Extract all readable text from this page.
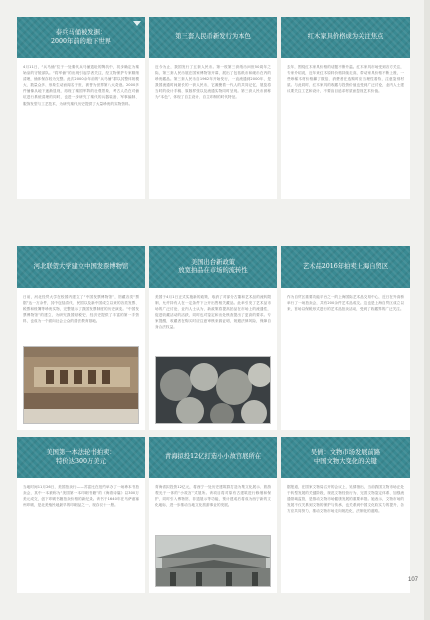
泰兵马俑被发掘：
2000年前的地下世界
4月11日，“兵马俑”位于一处秦代兵马俑遗址的陶坑中，初步确定为秦始皇的守陵部队。“将军俑”的出现引起学者关注，经文物保护专家精细清理，俑体保存较为完整。此次2000余年前的“兵马俑”群以其整体规模大、数量众多、形象生动而闻名于世，被誉为世界第八大奇迹。2000多件俑像从地下逐渐显现，再现了秦国军阵的壮观景象，考古人员在对俑坑进行系统清理的同时，也进一步研究了秦代的兵器装备、军事编制、服饰发型与工艺技术，为研究秦代历史提供了大量珍贵的实物资料。
第三套人民币新发行为本色
近今为止，我国发行了五套人民币。第一枚第三套纸币问世50周年之际，第三套人民币展在国家博物馆开幕，展出了包括纸币和硬币在内的珍贵藏品。第三套人民币自1962年开始发行，一直流通到2000年，是我国流通时间最长的一套人民币，它凝聚着一代人的共同记忆，展览将当时的设计手稿、原版样张以及流通实物同时呈现。第三套人民币被称为“本色”，体现了自主设计、自主印制的时代特征。
红木家具价格成为关注焦点
去年，围绕红木家具价格的话题不断升温。红木家具市场受到各方关注，专家介绍说，近年来红木原料价格持续走高，带动家具价格不断上涨，一些珍稀木材价格翻了数倍，消费者在选购时应当理性看待，注意鉴别材质。与此同时，红木家具的收藏与投资价值也受到广泛讨论，业内人士建议要关注工艺和设计，不要盲目追求材质而忽视艺术价值。
河北联贺大学建立中国发票博物馆
日前，河北经贸大学在校园内建立了“中国发票博物馆”，馆藏各类“票据”达一万余件，其中包括清代、民国以及新中国成立以来的各类发票、税票和账簿等珍贵实物，完整展示了我国发票制度的历史演变。“中国发票博物馆”的建立，为研究我国财税史、经济史提供了丰富的第一手资料，也成为一个面向社会公众的普法教育基地。
美国出台新政策
放宽拍品在市场的流转性
美国于4月1日正式实施新的政策，取消了对部分古董和艺术品的流转限制，允许持有人在一定条件下公开出售相关藏品。此举引发了艺术品市场的广泛讨论，业内人士认为，新政策将提高拍品在市场上的流通性，促进收藏活动的活跃，同时也对鉴定和出处核查提出了更高的要求。专家提醒，收藏者在购买时应注意审核来源证明，规避法律风险，保障自身合法权益。
艺术品2016年拍卖上海自贸区
作为自贸区重要功能平台之一的上海国际艺术品交易中心，近日在外高桥举行了一场拍卖会，共有200余件艺术品成交。这也是上海自贸区成立以来，首场以保税形式进行的艺术品拍卖活动，受到了收藏界的广泛关注。
美国第一本法轮书拍卖：
特价达300万美元
当地时间11月26日，美国拍卖行——苏富比在纽约举办了一场珍本书拍卖会，其中一本被称为“美国第一本印刷书籍”的《海湾诗篇》以300万美元成交，创下印刷书籍拍卖价格的新纪录。该书于1640年在马萨诸塞州印刷，是北美殖民地最早的印刷品之一，现存仅十一册。
青海拟投12亿打造小小故宫展所在
青海省拟投资12亿元，将西宁一处历史建筑群打造为集文化展示、旅游观光于一体的“小故宫”式展所。该项目将对原有古建筑进行修缮和保护，同时引入博物馆、非遗展示等功能，预计建成后将成为西宁新的文化地标，进一步推动当地文化旅游事业的发展。
吴倩：文物市场发展前路
中国文物大变化的关键
据报道，在国家文物局召开的会议上，吴倩指出，当前我国文物市场正处于转型发展的关键阶段，规范文物经营行为、完善文物鉴定体系、加强流通领域监管，是推动文物市场健康发展的重要举措。她表示，文物市场的发展不仅关系到文物的保护与传承，也关系到中国文化软实力的提升，各方应共同努力，推动文物市场走向规范化、法制化的道路。
107
